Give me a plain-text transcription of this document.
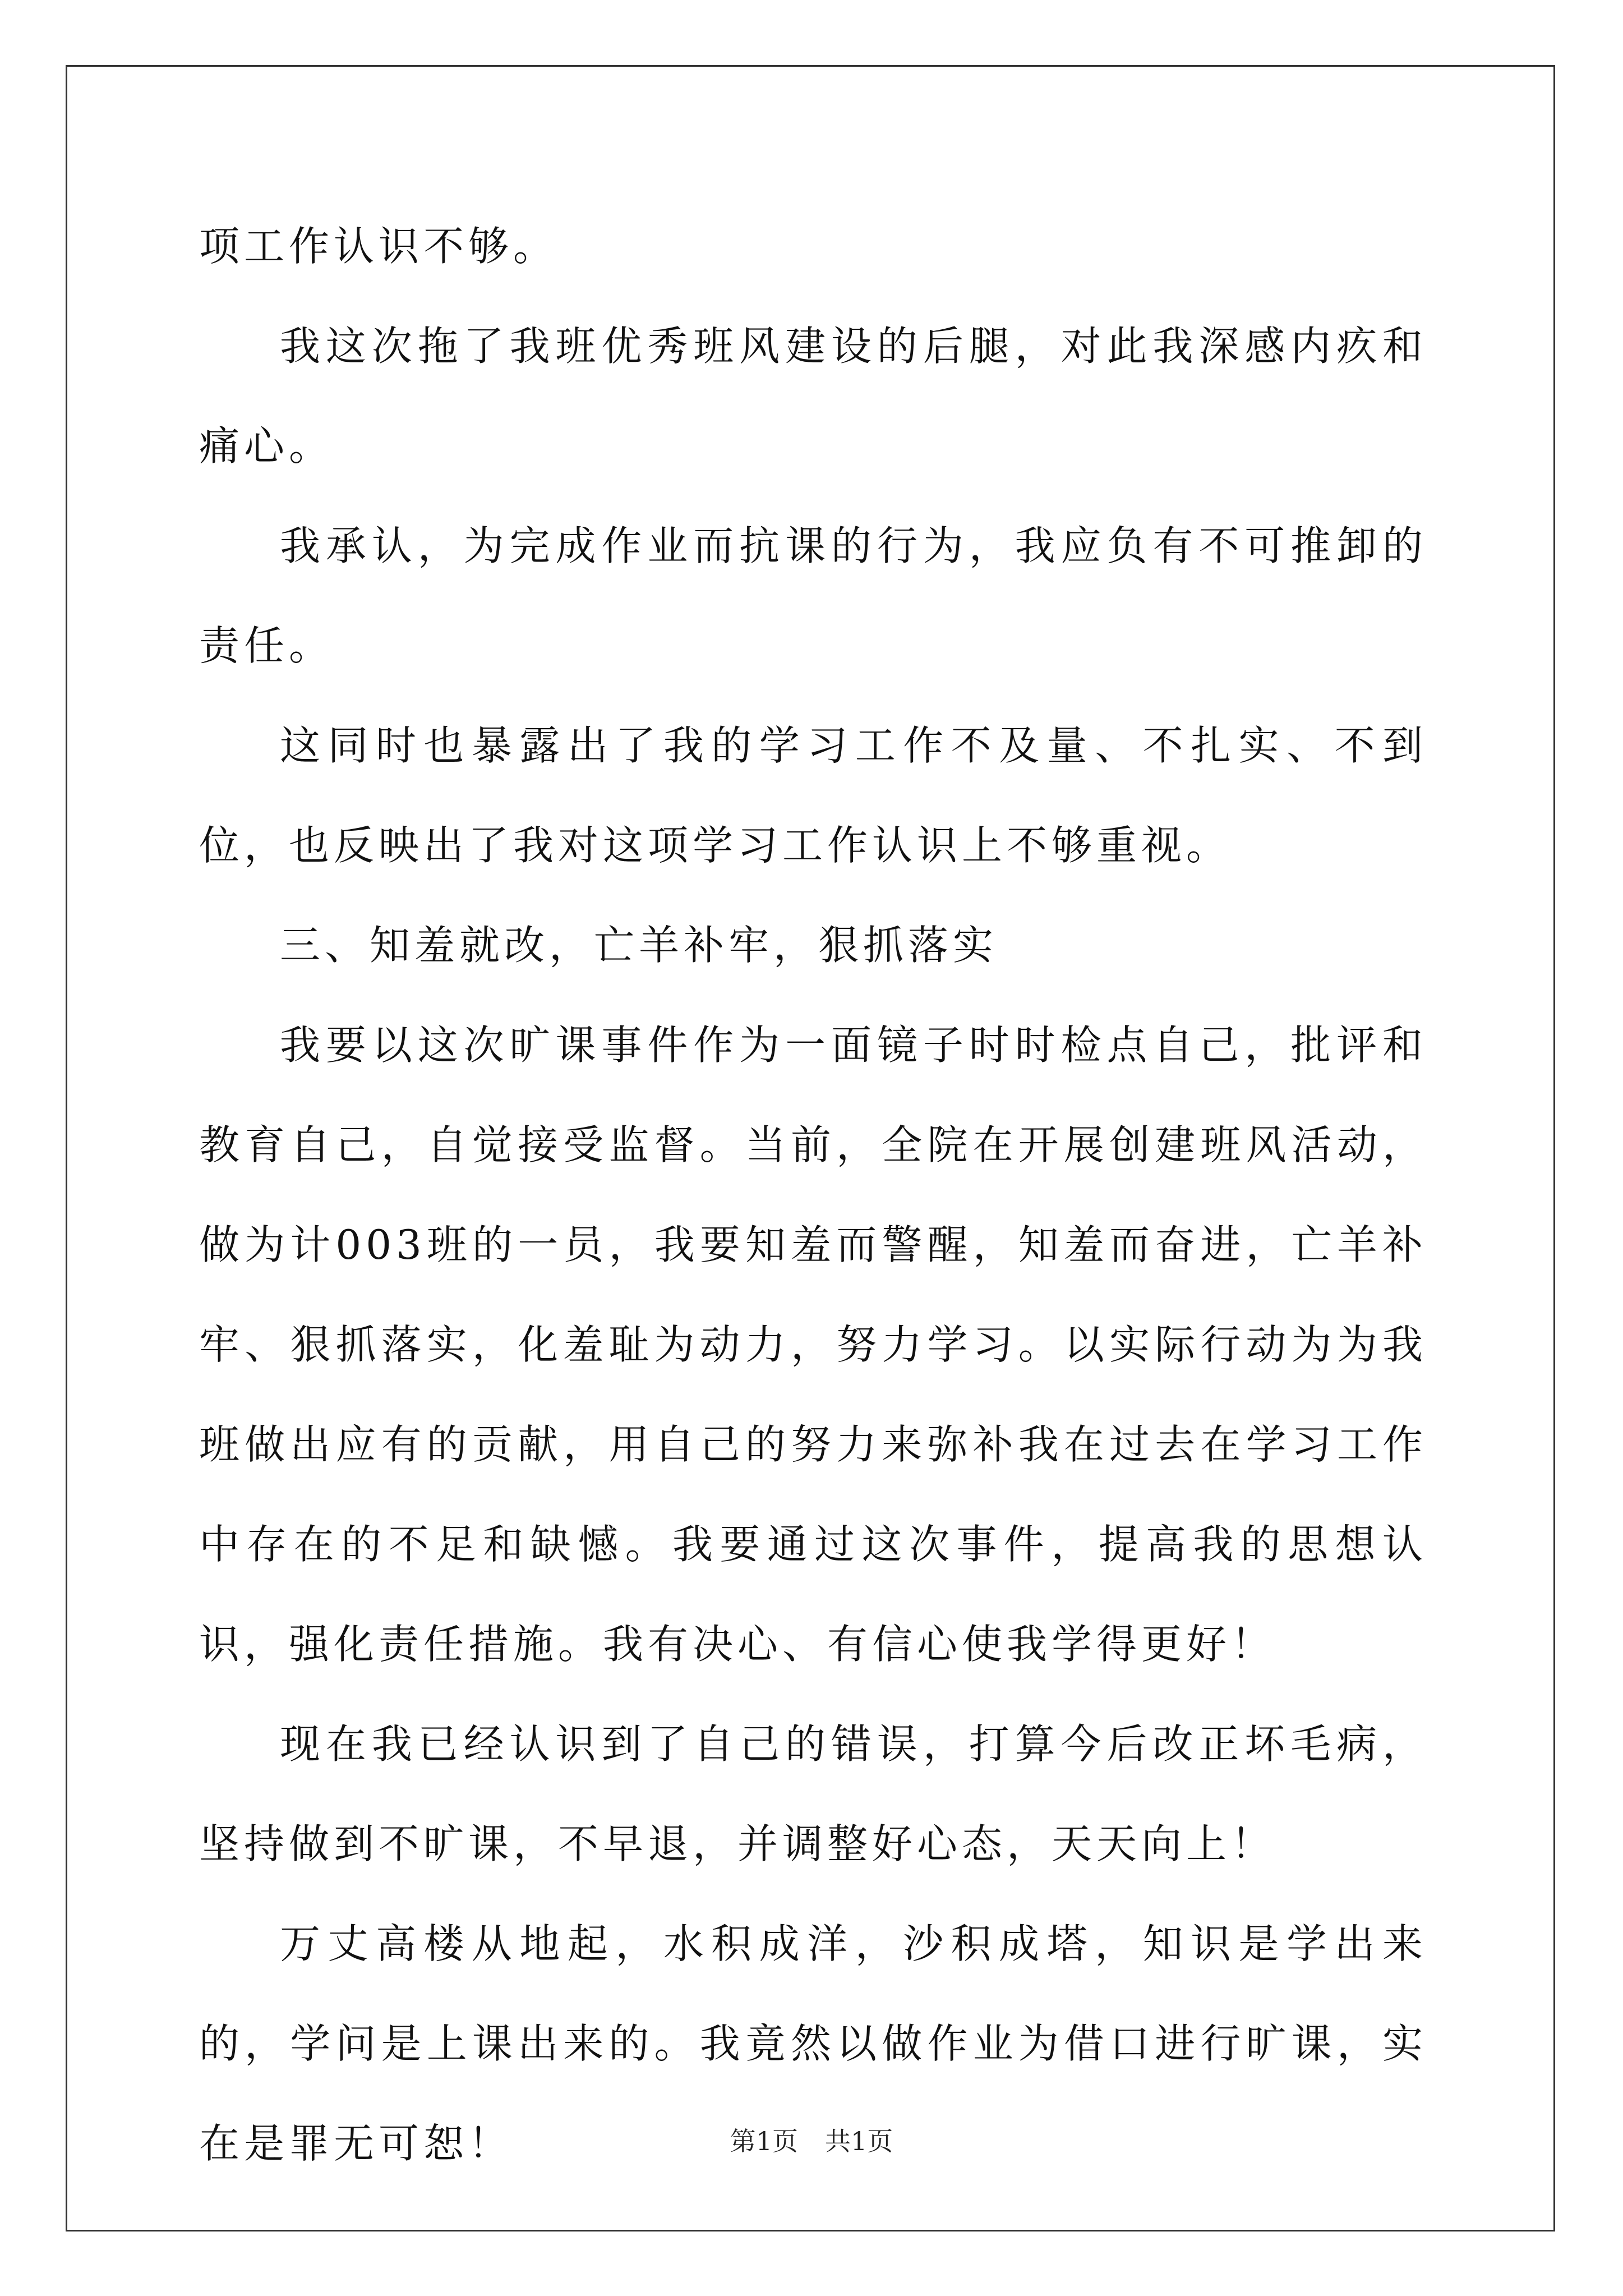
项工作认识不够。

我这次拖了我班优秀班风建设的后腿，对此我深感内疚和痛心。

我承认，为完成作业而抗课的行为，我应负有不可推卸的责任。

这同时也暴露出了我的学习工作不及量、不扎实、不到位，也反映出了我对这项学习工作认识上不够重视。

三、知羞就改，亡羊补牢，狠抓落实

我要以这次旷课事件作为一面镜子时时检点自己，批评和教育自己，自觉接受监督。当前，全院在开展创建班风活动，做为计003班的一员，我要知羞而警醒，知羞而奋进，亡羊补牢、狠抓落实，化羞耻为动力，努力学习。以实际行动为为我班做出应有的贡献，用自己的努力来弥补我在过去在学习工作中存在的不足和缺憾。我要通过这次事件，提高我的思想认识，强化责任措施。我有决心、有信心使我学得更好！

现在我已经认识到了自己的错误，打算今后改正坏毛病，坚持做到不旷课，不早退，并调整好心态，天天向上！

万丈高楼从地起，水积成洋，沙积成塔，知识是学出来的，学问是上课出来的。我竟然以做作业为借口进行旷课，实在是罪无可恕！	第1页 共1页
